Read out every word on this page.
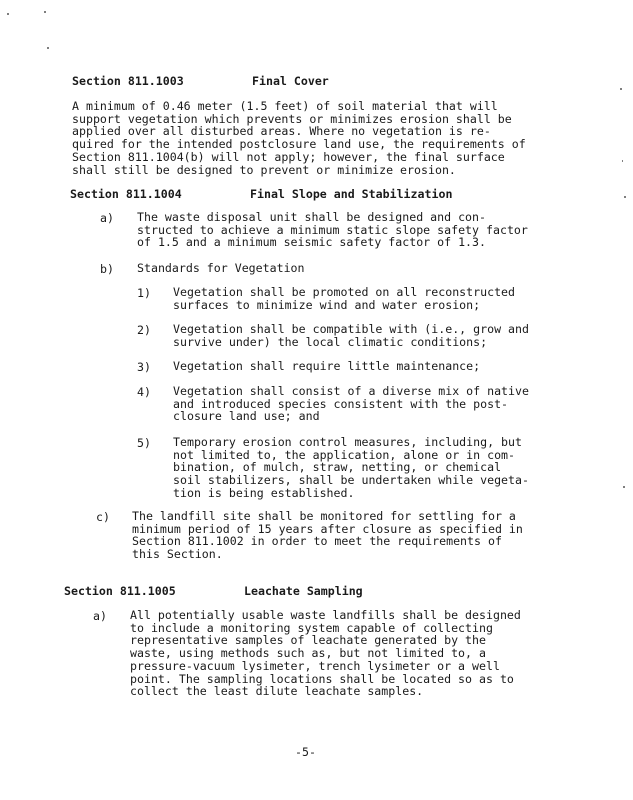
Section 811.1003	Final Cover
A minimum of 0.46 meter (1.5 feet) of soil material that will
support vegetation which prevents or minimizes erosion shall be
applied over all disturbed areas. Where no vegetation is re-
quired for the intended postclosure land use, the requirements of
Section 811.1004(b) will not apply; however, the final surface
shall still be designed to prevent or minimize erosion.
Section 811.1004	Final Slope and Stabilization
a) The waste disposal unit shall be designed and con-
structed to achieve a minimum static slope safety factor
of 1.5 and a minimum seismic safety factor of 1.3.
b) Standards for Vegetation
1) Vegetation shall be promoted on all reconstructed
surfaces to minimize wind and water erosion;
2) Vegetation shall be compatible with (i.e., grow and
survive under) the local climatic conditions;
3) Vegetation shall require little maintenance;
4) Vegetation shall consist of a diverse mix of native
and introduced species consistent with the post-
closure land use; and
5) Temporary erosion control measures, including, but
not limited to, the application, alone or in com-
bination, of mulch, straw, netting, or chemical
soil stabilizers, shall be undertaken while vegeta-
tion is being established.
c) The landfill site shall be monitored for settling for a
minimum period of 15 years after closure as specified in
Section 811.1002 in order to meet the requirements of
this Section.
Section 811.1005	Leachate Sampling
a) All potentially usable waste landfills shall be designed
to include a monitoring system capable of collecting
representative samples of leachate generated by the
waste, using methods such as, but not limited to, a
pressure-vacuum lysimeter, trench lysimeter or a well
point. The sampling locations shall be located so as to
collect the least dilute leachate samples.
-5-
